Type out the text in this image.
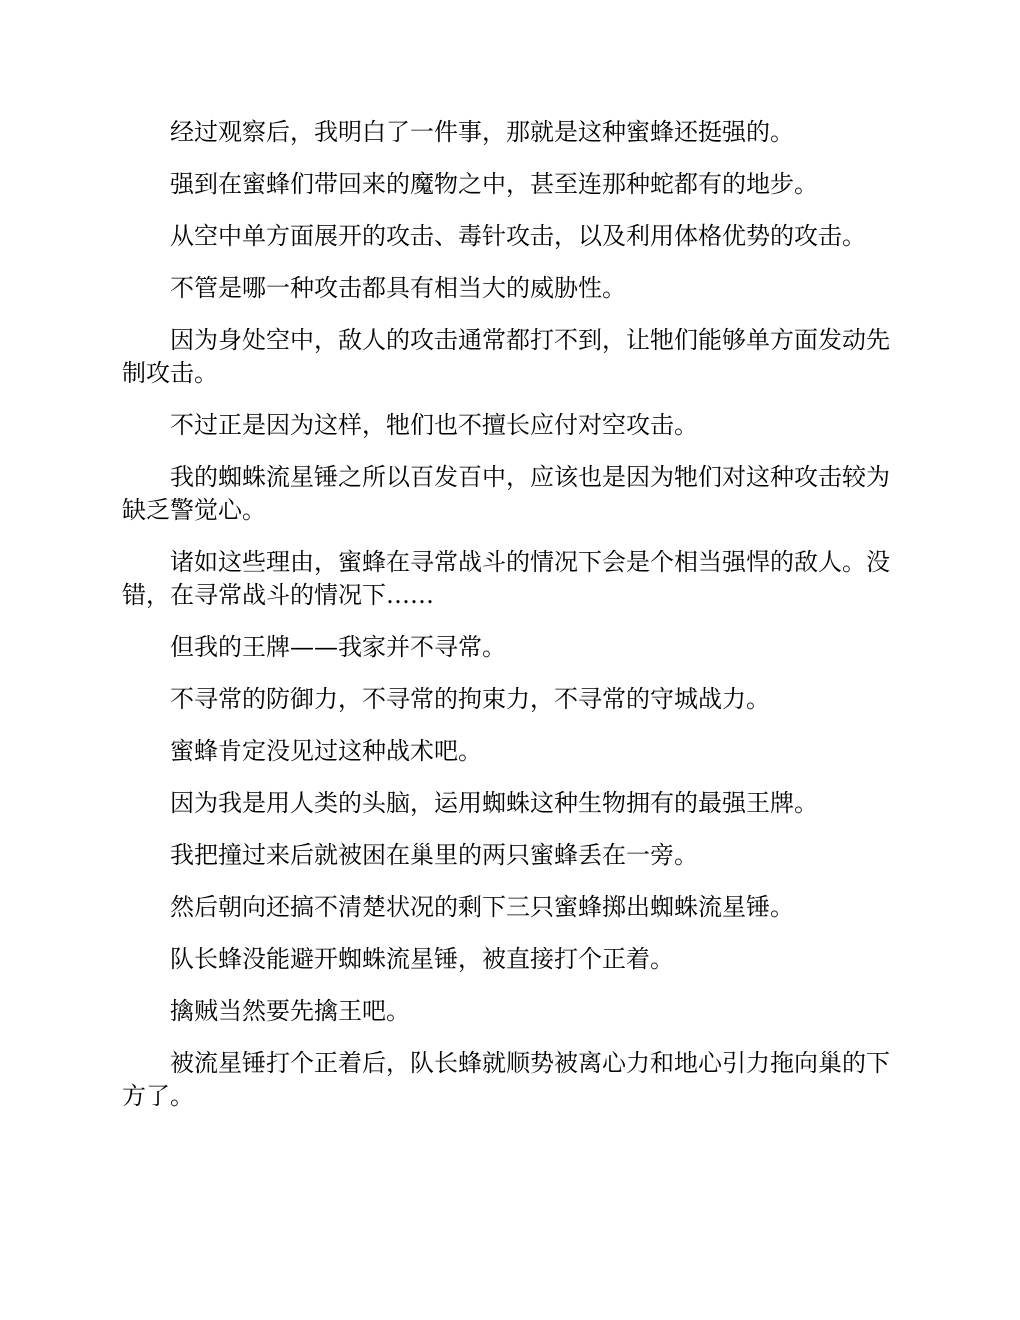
经过观察后，我明白了一件事，那就是这种蜜蜂还挺强的。

强到在蜜蜂们带回来的魔物之中，甚至连那种蛇都有的地步。

从空中单方面展开的攻击、毒针攻击，以及利用体格优势的攻击。

不管是哪一种攻击都具有相当大的威胁性。

因为身处空中，敌人的攻击通常都打不到，让牠们能够单方面发动先制攻击。

不过正是因为这样，牠们也不擅长应付对空攻击。

我的蜘蛛流星锤之所以百发百中，应该也是因为牠们对这种攻击较为缺乏警觉心。

诸如这些理由，蜜蜂在寻常战斗的情况下会是个相当强悍的敌人。没错，在寻常战斗的情况下……

但我的王牌——我家并不寻常。

不寻常的防御力，不寻常的拘束力，不寻常的守城战力。

蜜蜂肯定没见过这种战术吧。

因为我是用人类的头脑，运用蜘蛛这种生物拥有的最强王牌。

我把撞过来后就被困在巢里的两只蜜蜂丢在一旁。

然后朝向还搞不清楚状况的剩下三只蜜蜂掷出蜘蛛流星锤。

队长蜂没能避开蜘蛛流星锤，被直接打个正着。

擒贼当然要先擒王吧。

被流星锤打个正着后，队长蜂就顺势被离心力和地心引力拖向巢的下方了。
